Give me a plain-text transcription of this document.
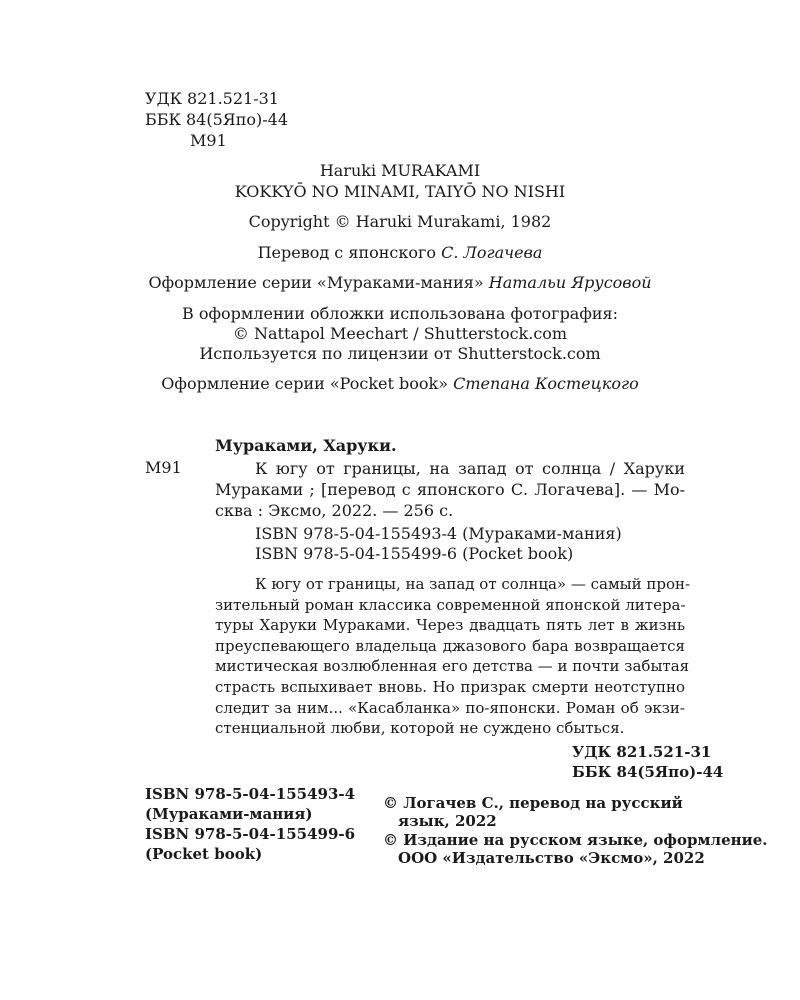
УДК 821.521-31
ББК 84(5Япо)-44
М91
Haruki MURAKAMI
KOKKYŌ NO MINAMI, TAIYŌ NO NISHI
Copyright © Haruki Murakami, 1982
Перевод с японского С. Логачева
Оформление серии «Мураками-мания» Натальи Ярусовой
В оформлении обложки использована фотография:
© Nattapol Meechart / Shutterstock.com
Используется по лицензии от Shutterstock.com
Оформление серии «Pocket book» Степана Костецкого
Мураками, Харуки.
М91	К югу от границы, на запад от солнца / Харуки
Мураками ; [перевод с японского С. Логачева]. — Мо-
сква : Эксмо, 2022. — 256 с.
ISBN 978-5-04-155493-4 (Мураками-мания)
ISBN 978-5-04-155499-6 (Pocket book)
К югу от границы, на запад от солнца» — самый прон-
зительный роман классика современной японской литера-
туры Харуки Мураками. Через двадцать пять лет в жизнь
преуспевающего владельца джазового бара возвращается
мистическая возлюбленная его детства — и почти забытая
страсть вспыхивает вновь. Но призрак смерти неотступно
следит за ним... «Касабланка» по-японски. Роман об экзи-
стенциальной любви, которой не суждено сбыться.
УДК 821.521-31
ББК 84(5Япо)-44
ISBN 978-5-04-155493-4
(Мураками-мания)
ISBN 978-5-04-155499-6
(Pocket book)
© Логачев С., перевод на русский
язык, 2022
© Издание на русском языке, оформление.
ООО «Издательство «Эксмо», 2022
